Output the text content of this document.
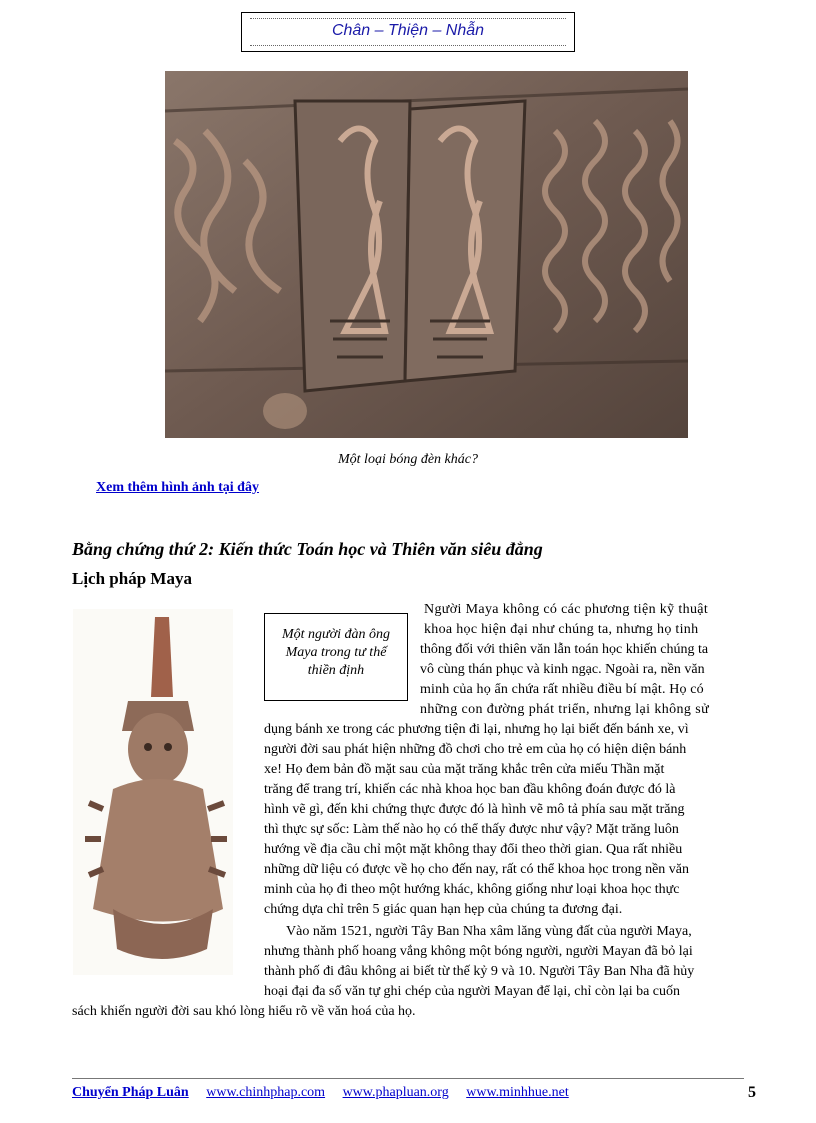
Chân – Thiện – Nhẫn
Một loại bóng đèn khác?
Xem thêm hình ảnh tại đây
Bằng chứng thứ 2: Kiến thức Toán học và Thiên văn siêu đẳng
Lịch pháp Maya
Một người đàn ông Maya trong tư thế thiền định
Người Maya không có các phương tiện kỹ thuật
khoa học hiện đại như chúng ta, nhưng họ tinh
thông đối với thiên văn lẫn toán học khiến chúng ta
vô cùng thán phục và kinh ngạc. Ngoài ra, nền văn
minh của họ ẩn chứa rất nhiều điều bí mật. Họ có
những con đường phát triển, nhưng lại không sử
dụng bánh xe trong các phương tiện đi lại, nhưng họ lại biết đến bánh xe, vì
người đời sau phát hiện những đồ chơi cho trẻ em của họ có hiện diện bánh
xe! Họ đem bản đồ mặt sau của mặt trăng khắc trên cửa miếu Thần mặt
trăng để trang trí, khiến các nhà khoa học ban đầu không đoán được đó là
hình vẽ gì, đến khi chứng thực được đó là hình vẽ mô tả phía sau mặt trăng
thì thực sự sốc: Làm thế nào họ có thể thấy được như vậy? Mặt trăng luôn
hướng về địa cầu chỉ một mặt không thay đổi theo thời gian. Qua rất nhiều
những dữ liệu có được về họ cho đến nay, rất có thể khoa học trong nền văn
minh của họ đi theo một hướng khác, không giống như loại khoa học thực
chứng dựa chỉ trên 5 giác quan hạn hẹp của chúng ta đương đại.
Vào năm 1521, người Tây Ban Nha xâm lăng vùng đất của người Maya,
nhưng thành phố hoang vắng không một bóng người, người Mayan đã bỏ lại
thành phố đi đâu không ai biết từ thế kỷ 9 và 10. Người Tây Ban Nha đã hủy
hoại đại đa số văn tự ghi chép của người Mayan để lại, chỉ còn lại ba cuốn
sách khiến người đời sau khó lòng hiểu rõ về văn hoá của họ.
Chuyển Pháp Luân www.chinhphap.com www.phapluan.org www.minhhue.net	5
